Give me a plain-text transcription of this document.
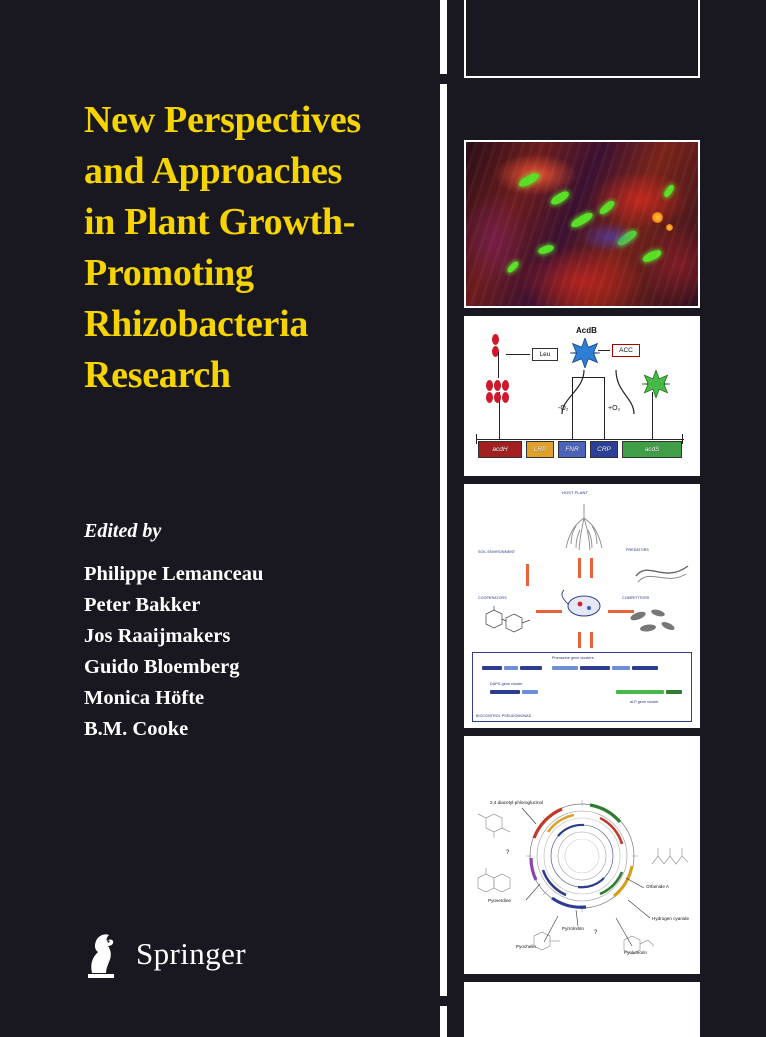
New Perspectives
and Approaches
in Plant Growth-
Promoting
Rhizobacteria
Research
Edited by
Philippe Lemanceau
Peter Bakker
Jos Raaijmakers
Guido Bloemberg
Monica Höfte
B.M. Cooke
Springer
acdH	LRP	FNR	CRP	acdS
-O₂	+O₂
Leu
AcdB
ACC
HOST PLANT
SOIL ENVIRONMENT	PREDATORS
COOPERATORS	COMPETITORS
BIOCONTROL PSEUDOMONAS
Phenazine gene clusters
DAPG gene cluster
αLP gene cluster
2,4 diacetyl-phloroglucinol
Pyoverdine
Pyochelin
Pyrrolnitrin
Orfamide A
Hydrogen cyanide
Pyoluteorin
?
?
